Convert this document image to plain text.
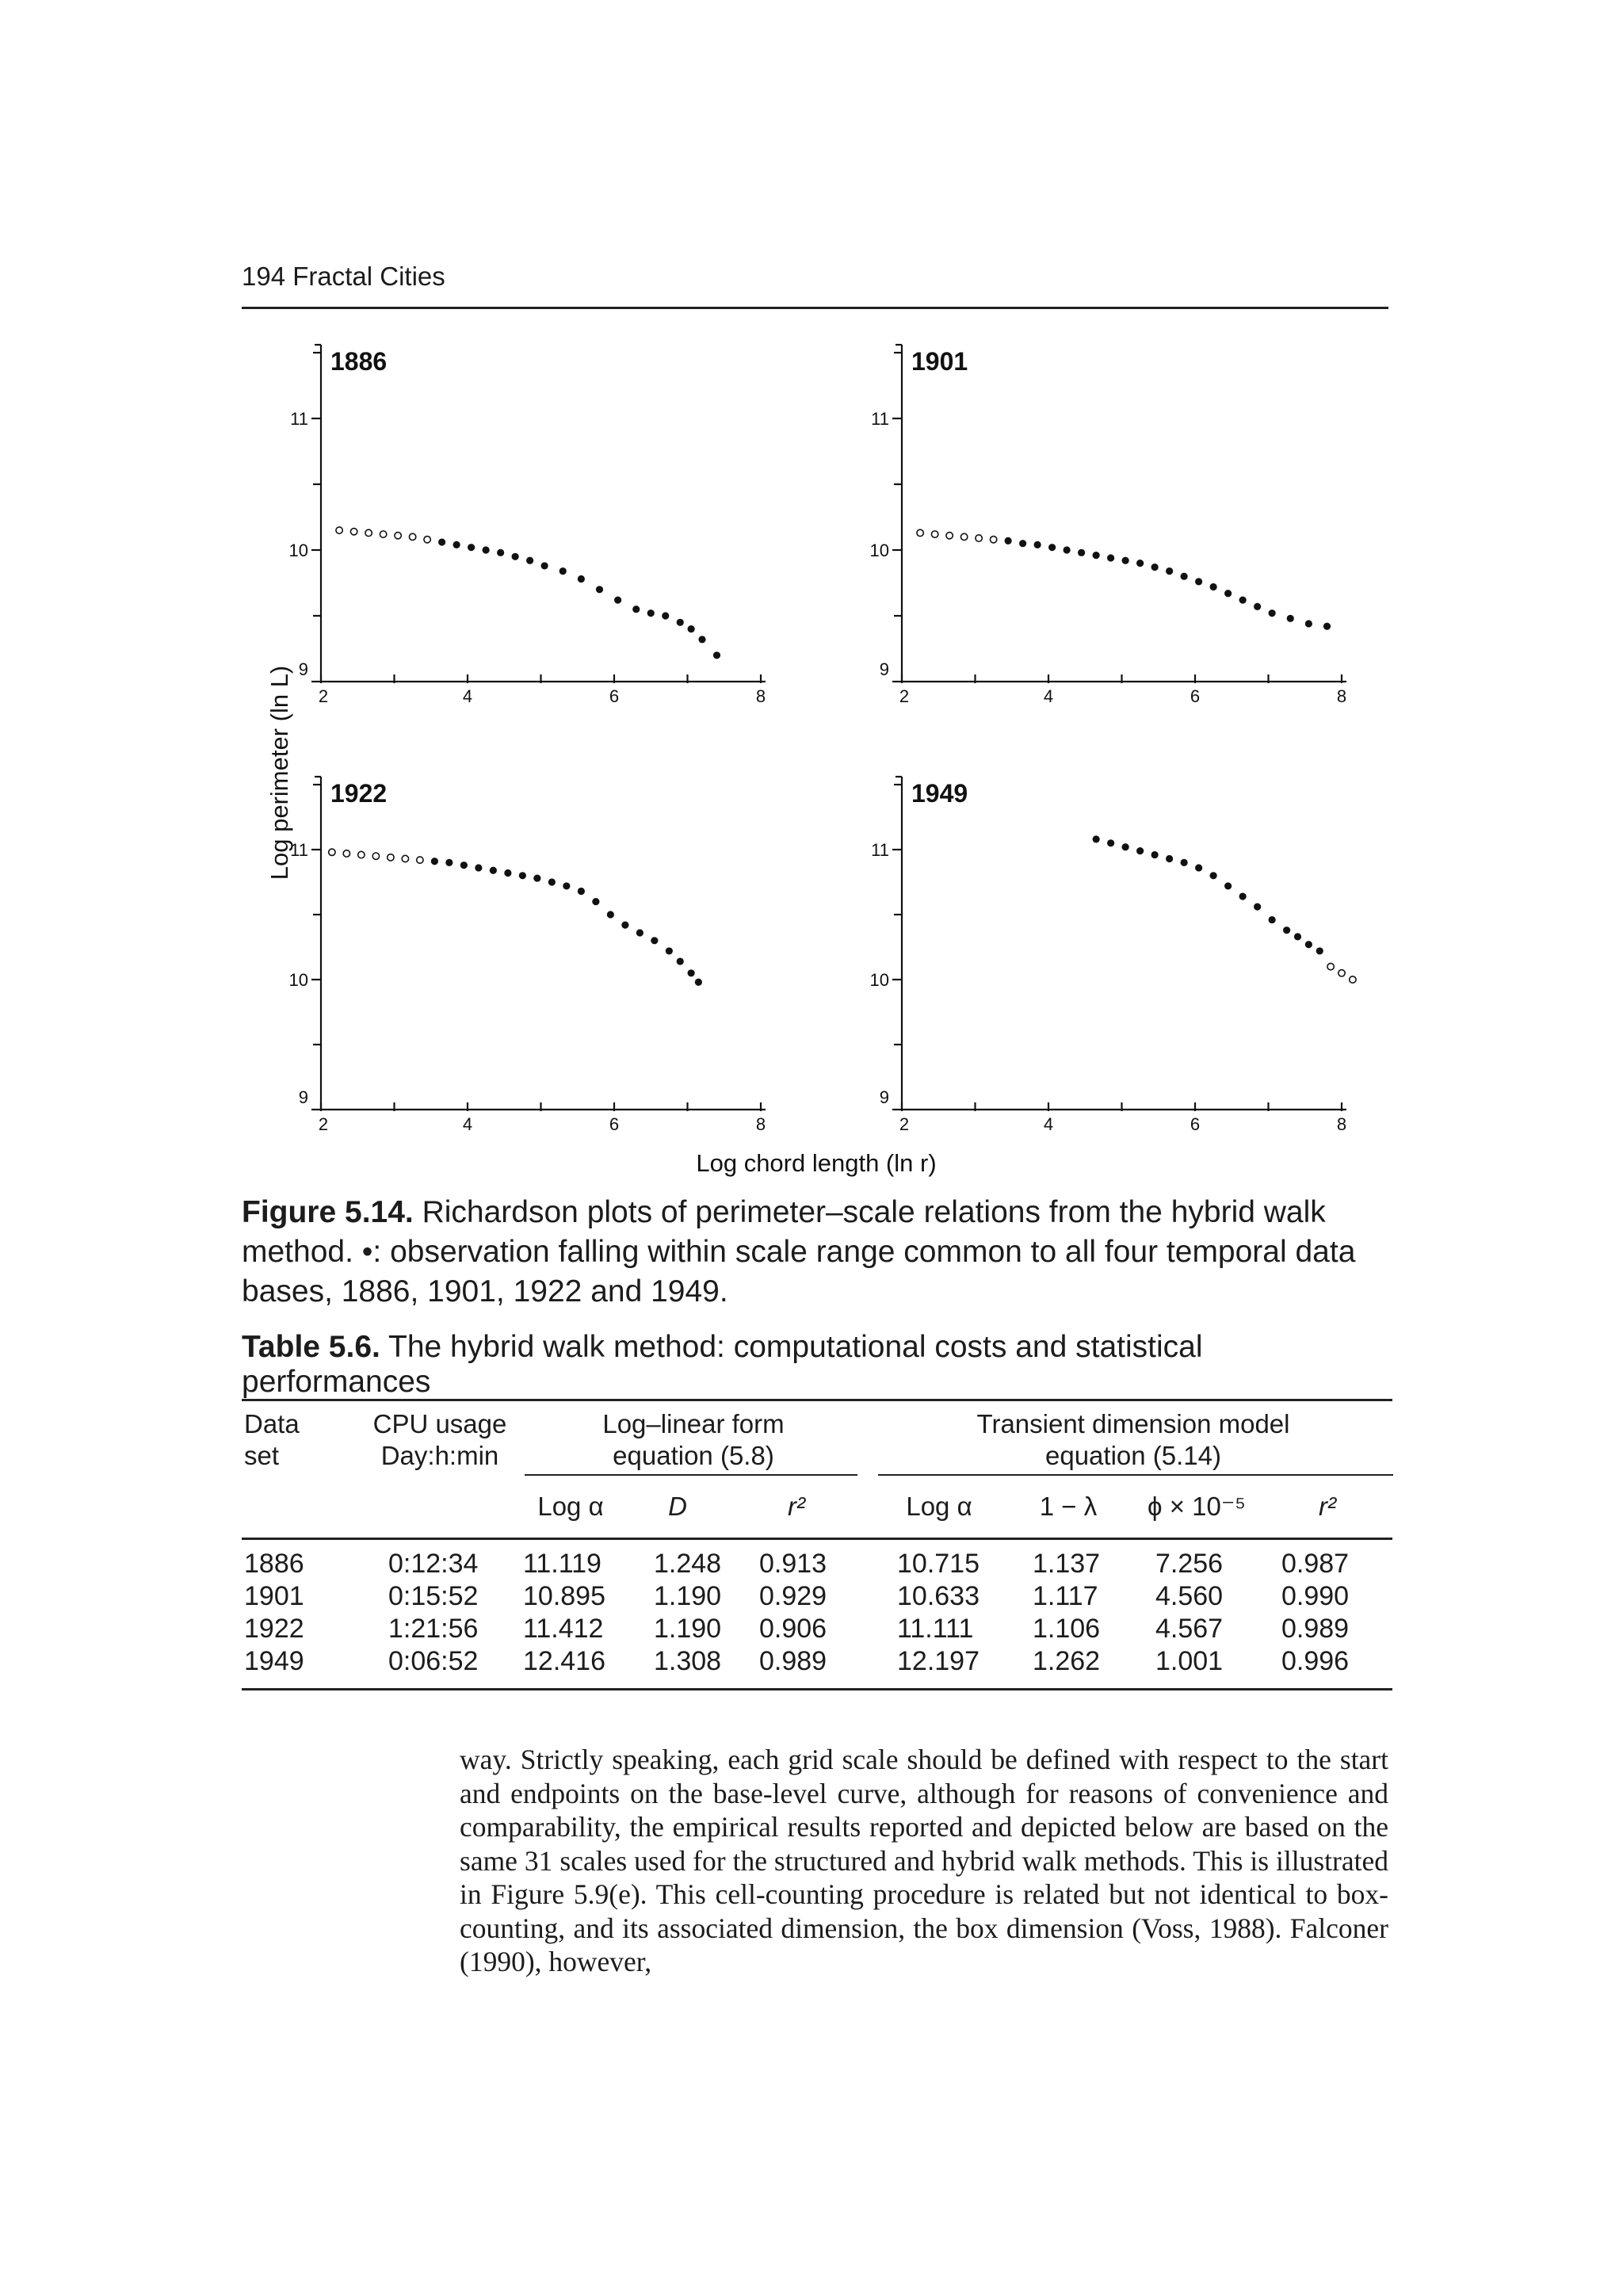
194 Fractal Cities
Log perimeter (ln L)
Log chord length (ln r)
9
10
11
2	4	6	8
1886
9
10
11
2	4	6	8
1901
9
10
11
2	4	6	8
1922
9
10
11
2	4	6	8
1949
Figure 5.14. Richardson plots of perimeter–scale relations from the hybrid walk method. •: observation falling within scale range common to all four temporal data bases, 1886, 1901, 1922 and 1949.
Table 5.6. The hybrid walk method: computational costs and statistical performances
Data
set
CPU usage
Day:h:min
Log–linear form
equation (5.8)
Transient dimension model
equation (5.14)
Log α	D	r²	Log α	1 − λ	ϕ × 10⁻⁵	r²
1886	0:12:34 11.119 1.248 0.913	10.715 1.137 7.256 0.987
1901	0:15:52 10.895 1.190 0.929	10.633 1.117 4.560 0.990
1922	1:21:56 11.412 1.190 0.906	11.111 1.106 4.567 0.989
1949	0:06:52 12.416 1.308 0.989	12.197 1.262 1.001 0.996

way. Strictly speaking, each grid scale should be defined with respect to the start and endpoints on the base-level curve, although for reasons of convenience and comparability, the empirical results reported and depicted below are based on the same 31 scales used for the structured and hybrid walk methods. This is illustrated in Figure 5.9(e). This cell-counting procedure is related but not identical to box-counting, and its associated dimension, the box dimension (Voss, 1988). Falconer (1990), however,
